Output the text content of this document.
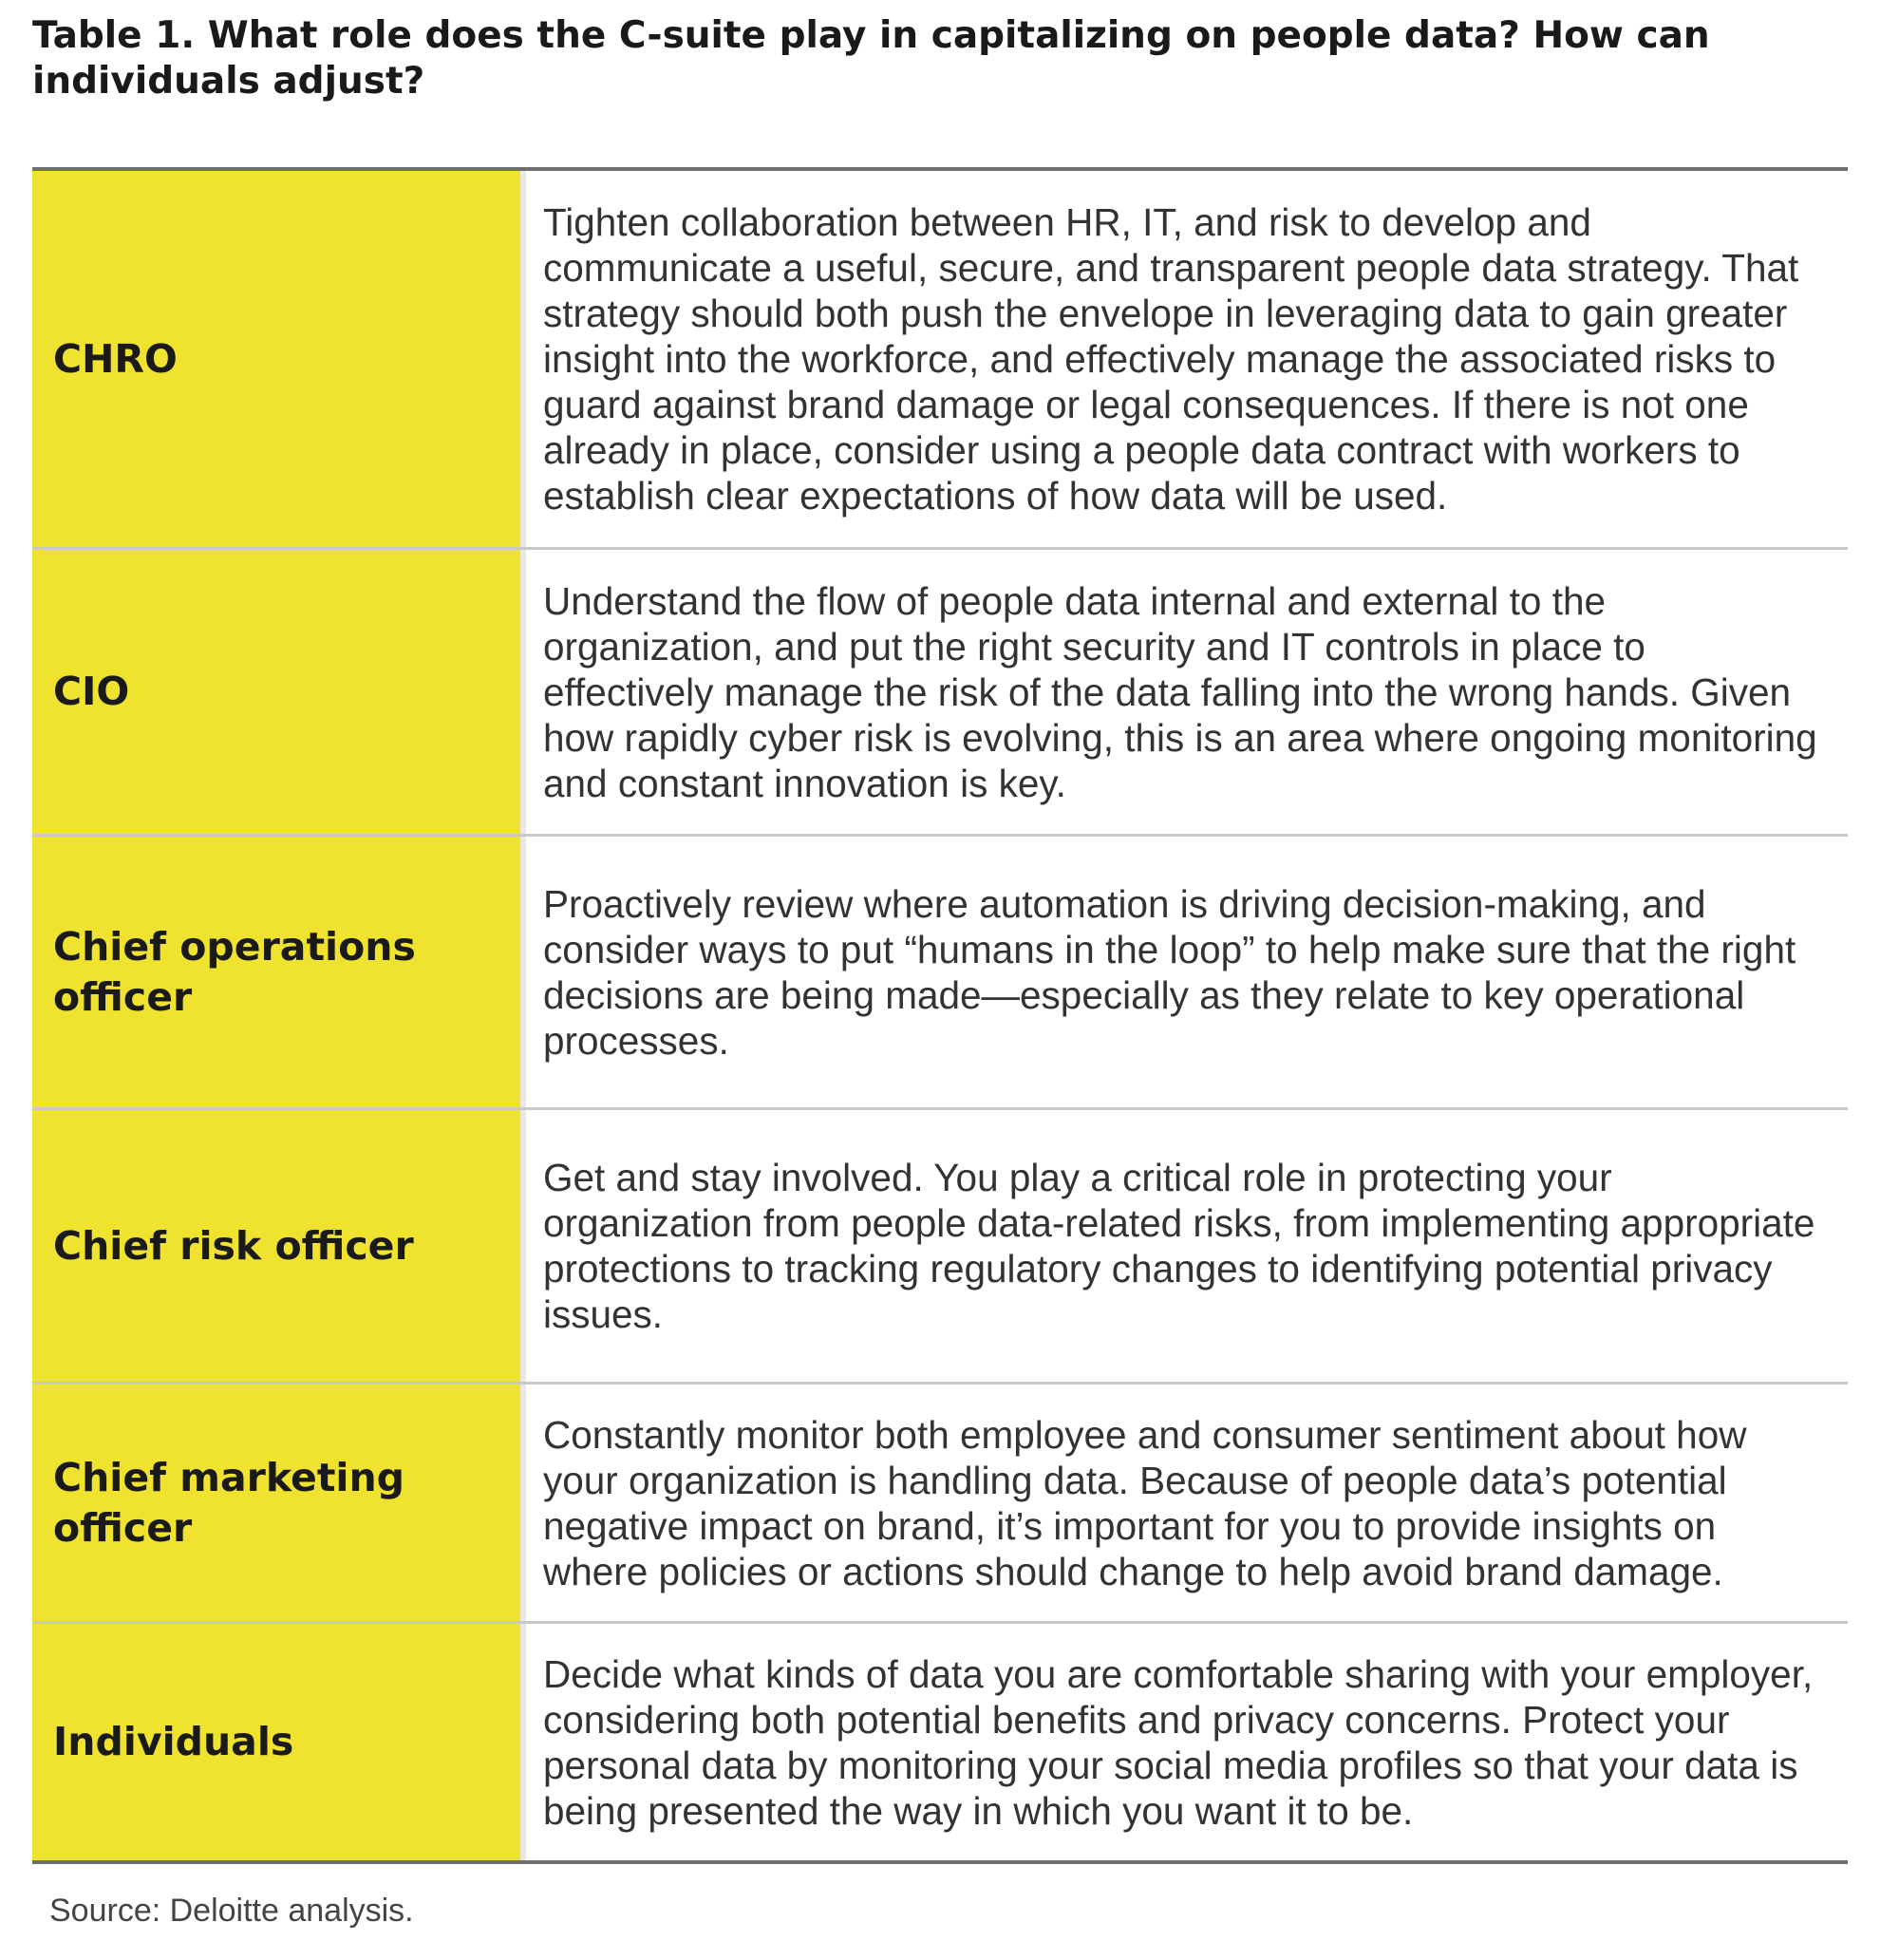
Table 1. What role does the C-suite play in capitalizing on people data? How can individuals adjust?
CHRO
Tighten collaboration between HR, IT, and risk to develop and communicate a useful, secure, and transparent people data strategy. That strategy should both push the envelope in leveraging data to gain greater insight into the workforce, and effectively manage the associated risks to guard against brand damage or legal consequences. If there is not one already in place, consider using a people data contract with workers to establish clear expectations of how data will be used.
CIO
Understand the flow of people data internal and external to the organization, and put the right security and IT controls in place to effectively manage the risk of the data falling into the wrong hands. Given how rapidly cyber risk is evolving, this is an area where ongoing monitoring and constant innovation is key.
Chief operations officer
Proactively review where automation is driving decision-making, and consider ways to put “humans in the loop” to help make sure that the right decisions are being made—especially as they relate to key operational processes.
Chief risk officer
Get and stay involved. You play a critical role in protecting your organization from people data-related risks, from implementing appropriate protections to tracking regulatory changes to identifying potential privacy issues.
Chief marketing officer
Constantly monitor both employee and consumer sentiment about how your organization is handling data. Because of people data’s potential negative impact on brand, it’s important for you to provide insights on where policies or actions should change to help avoid brand damage.
Individuals
Decide what kinds of data you are comfortable sharing with your employer, considering both potential benefits and privacy concerns. Protect your personal data by monitoring your social media profiles so that your data is being presented the way in which you want it to be.
Source: Deloitte analysis.
